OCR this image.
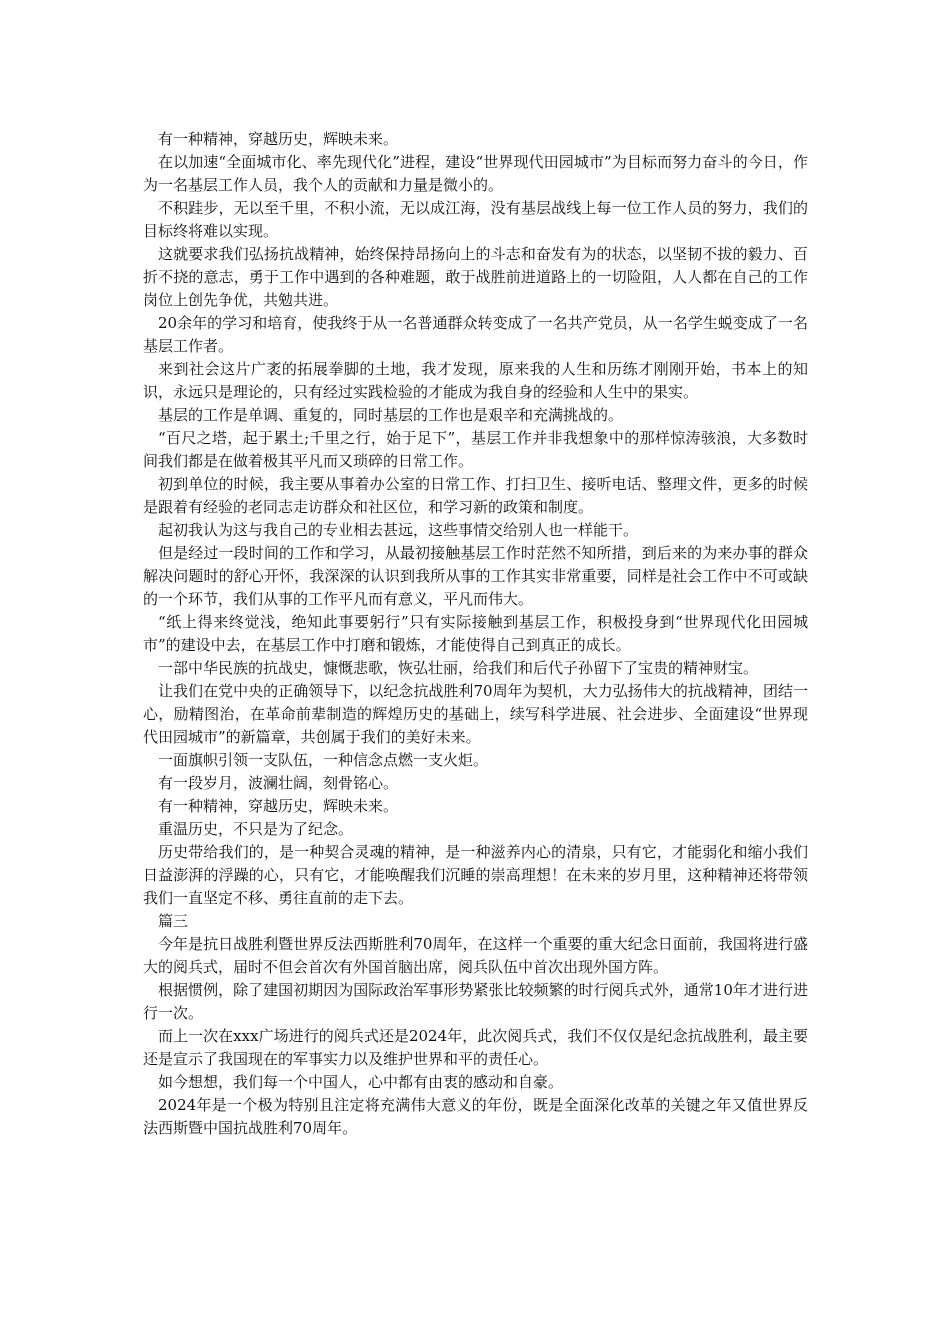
有一种精神，穿越历史，辉映未来。

在以加速“全面城市化、率先现代化”进程，建设“世界现代田园城市”为目标而努力奋斗的今日，作为一名基层工作人员，我个人的贡献和力量是微小的。

不积跬步，无以至千里，不积小流，无以成江海，没有基层战线上每一位工作人员的努力，我们的目标终将难以实现。

这就要求我们弘扬抗战精神，始终保持昂扬向上的斗志和奋发有为的状态，以坚韧不拔的毅力、百折不挠的意志，勇于工作中遇到的各种难题，敢于战胜前进道路上的一切险阻，人人都在自己的工作岗位上创先争优，共勉共进。

20余年的学习和培育，使我终于从一名普通群众转变成了一名共产党员，从一名学生蜕变成了一名基层工作者。

来到社会这片广袤的拓展拳脚的土地，我才发现，原来我的人生和历练才刚刚开始，书本上的知识，永远只是理论的，只有经过实践检验的才能成为我自身的经验和人生中的果实。

基层的工作是单调、重复的，同时基层的工作也是艰辛和充满挑战的。

“百尺之塔，起于累土;千里之行，始于足下”，基层工作并非我想象中的那样惊涛骇浪，大多数时间我们都是在做着极其平凡而又琐碎的日常工作。

初到单位的时候，我主要从事着办公室的日常工作、打扫卫生、接听电话、整理文件，更多的时候是跟着有经验的老同志走访群众和社区位，和学习新的政策和制度。

起初我认为这与我自己的专业相去甚远，这些事情交给别人也一样能干。

但是经过一段时间的工作和学习，从最初接触基层工作时茫然不知所措，到后来的为来办事的群众解决问题时的舒心开怀，我深深的认识到我所从事的工作其实非常重要，同样是社会工作中不可或缺的一个环节，我们从事的工作平凡而有意义，平凡而伟大。

“纸上得来终觉浅，绝知此事要躬行”只有实际接触到基层工作，积极投身到“世界现代化田园城市”的建设中去，在基层工作中打磨和锻炼，才能使得自己到真正的成长。

一部中华民族的抗战史，慷慨悲歌，恢弘壮丽，给我们和后代子孙留下了宝贵的精神财宝。

让我们在党中央的正确领导下，以纪念抗战胜利70周年为契机，大力弘扬伟大的抗战精神，团结一心，励精图治，在革命前辈制造的辉煌历史的基础上，续写科学进展、社会进步、全面建设“世界现代田园城市”的新篇章，共创属于我们的美好未来。

一面旗帜引领一支队伍，一种信念点燃一支火炬。

有一段岁月，波澜壮阔，刻骨铭心。

有一种精神，穿越历史，辉映未来。

重温历史，不只是为了纪念。

历史带给我们的，是一种契合灵魂的精神，是一种滋养内心的清泉，只有它，才能弱化和缩小我们日益澎湃的浮躁的心，只有它，才能唤醒我们沉睡的崇高理想！在未来的岁月里，这种精神还将带领我们一直坚定不移、勇往直前的走下去。

篇三

今年是抗日战胜利暨世界反法西斯胜利70周年，在这样一个重要的重大纪念日面前，我国将进行盛大的阅兵式，届时不但会首次有外国首脑出席，阅兵队伍中首次出现外国方阵。

根据惯例，除了建国初期因为国际政治军事形势紧张比较频繁的时行阅兵式外，通常10年才进行进行一次。

而上一次在xxx广场进行的阅兵式还是2024年，此次阅兵式，我们不仅仅是纪念抗战胜利，最主要还是宣示了我国现在的军事实力以及维护世界和平的责任心。

如今想想，我们每一个中国人，心中都有由衷的感动和自豪。

2024年是一个极为特别且注定将充满伟大意义的年份，既是全面深化改革的关键之年又值世界反法西斯暨中国抗战胜利70周年。
